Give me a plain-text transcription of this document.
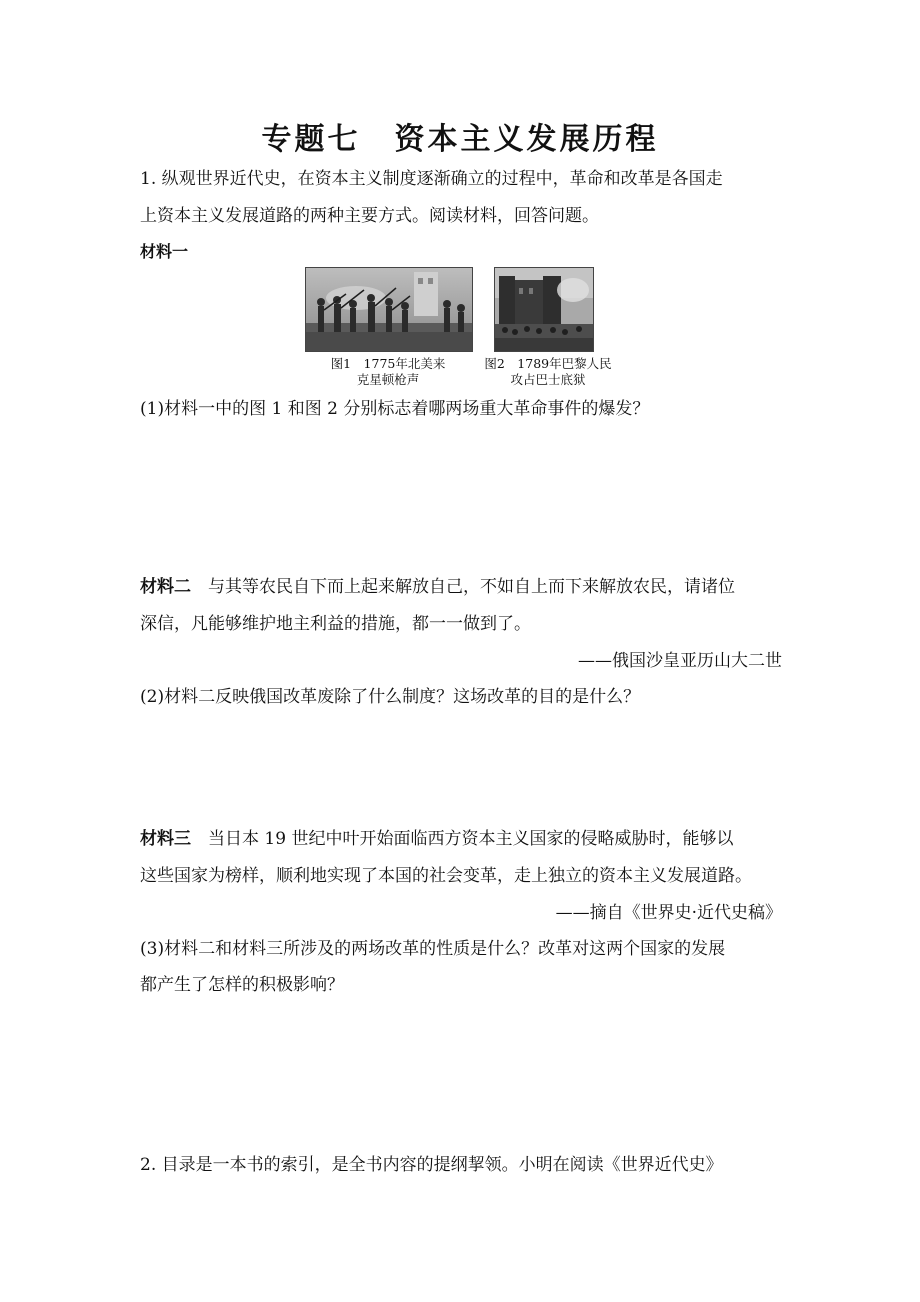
专题七 资本主义发展历程
1. 纵观世界近代史，在资本主义制度逐渐确立的过程中，革命和改革是各国走
上资本主义发展道路的两种主要方式。阅读材料，回答问题。
材料一
图1　1775年北美来
克星顿枪声
图2　1789年巴黎人民
攻占巴士底狱
(1)材料一中的图 1 和图 2 分别标志着哪两场重大革命事件的爆发？
材料二　与其等农民自下而上起来解放自己，不如自上而下来解放农民，请诸位
深信，凡能够维护地主利益的措施，都一一做到了。
——俄国沙皇亚历山大二世
(2)材料二反映俄国改革废除了什么制度？这场改革的目的是什么？
材料三　当日本 19 世纪中叶开始面临西方资本主义国家的侵略威胁时，能够以
这些国家为榜样，顺利地实现了本国的社会变革，走上独立的资本主义发展道路。
——摘自《世界史·近代史稿》
(3)材料二和材料三所涉及的两场改革的性质是什么？改革对这两个国家的发展
都产生了怎样的积极影响？
2. 目录是一本书的索引，是全书内容的提纲挈领。小明在阅读《世界近代史》
